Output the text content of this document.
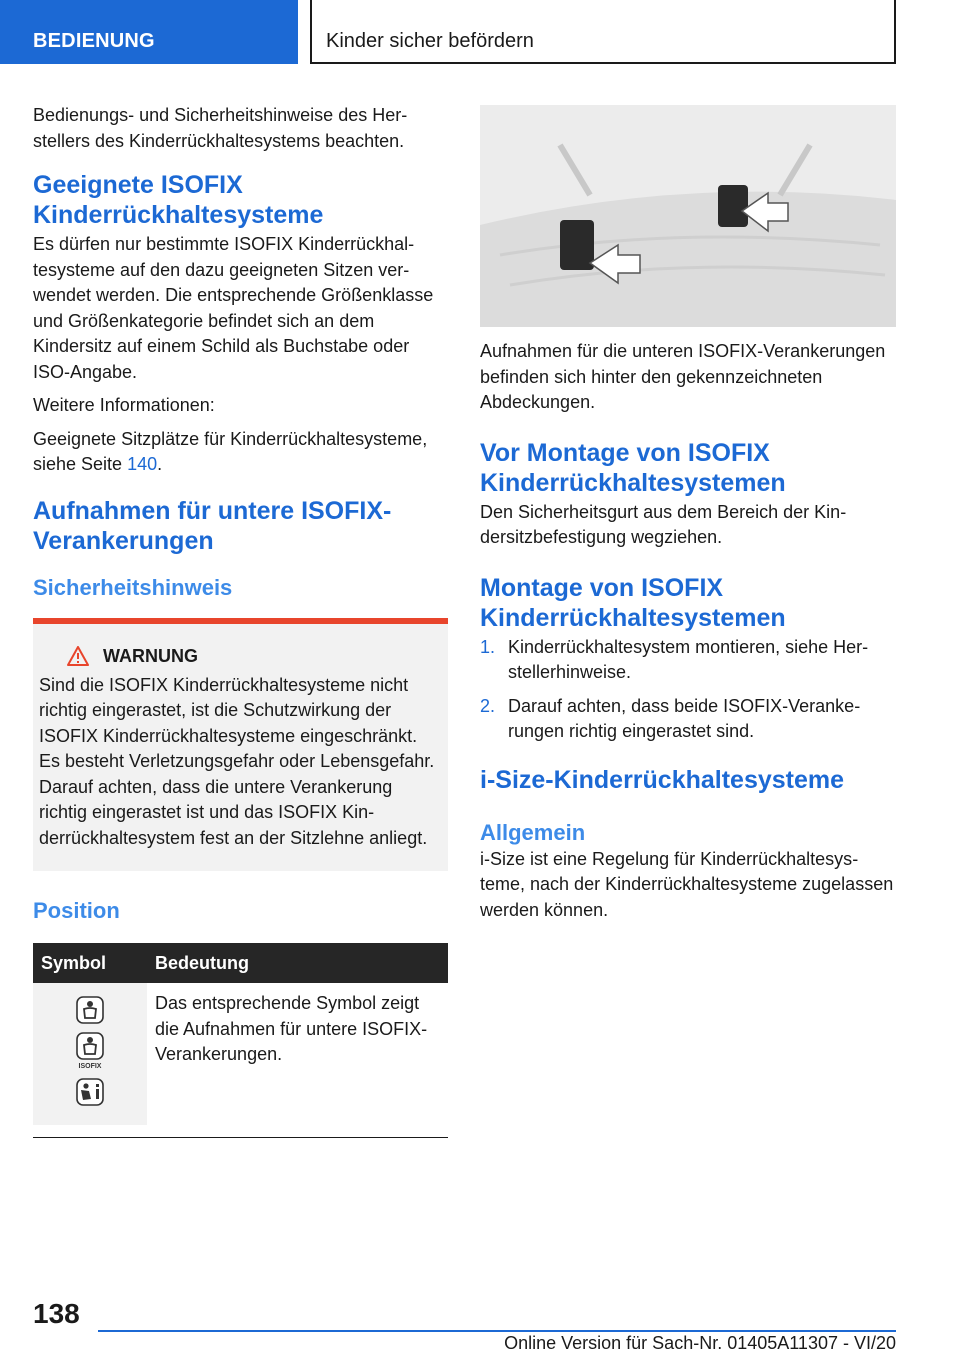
BEDIENUNG	Kinder sicher befördern

Bedienungs- und Sicherheitshinweise des Herstellers des Kinderrückhaltesystems beachten.

Geeignete ISOFIX Kinderrückhaltesysteme

Es dürfen nur bestimmte ISOFIX Kinderrückhaltesysteme auf den dazu geeigneten Sitzen verwendet werden. Die entsprechende Größenklasse und Größenkategorie befindet sich an dem Kindersitz auf einem Schild als Buchstabe oder ISO-Angabe.

Weitere Informationen:

Geeignete Sitzplätze für Kinderrückhaltesysteme, siehe Seite 140.

Aufnahmen für untere ISOFIX-Verankerungen
Sicherheitshinweis
WARNUNG

Sind die ISOFIX Kinderrückhaltesysteme nicht richtig eingerastet, ist die Schutzwirkung der ISOFIX Kinderrückhaltesysteme eingeschränkt. Es besteht Verletzungsgefahr oder Lebensgefahr. Darauf achten, dass die untere Verankerung richtig eingerastet ist und das ISOFIX Kinderrückhaltesystem fest an der Sitzlehne anliegt.

Position
Symbol	Bedeutung

ISOFIX	Das entsprechende Symbol zeigt die Aufnahmen für untere ISOFIX-Verankerungen.

Aufnahmen für die unteren ISOFIX-Verankerungen befinden sich hinter den gekennzeichneten Abdeckungen.

Vor Montage von ISOFIX Kinderrückhaltesystemen

Den Sicherheitsgurt aus dem Bereich der Kindersitzbefestigung wegziehen.

Montage von ISOFIX Kinderrückhaltesystemen
1. Kinderrückhaltesystem montieren, siehe Herstellerhinweise.
2. Darauf achten, dass beide ISOFIX-Verankerungen richtig eingerastet sind.
i-Size-Kinderrückhaltesysteme
Allgemein

i-Size ist eine Regelung für Kinderrückhaltesysteme, nach der Kinderrückhaltesysteme zugelassen werden können.

138
Online Version für Sach-Nr. 01405A11307 - VI/20
